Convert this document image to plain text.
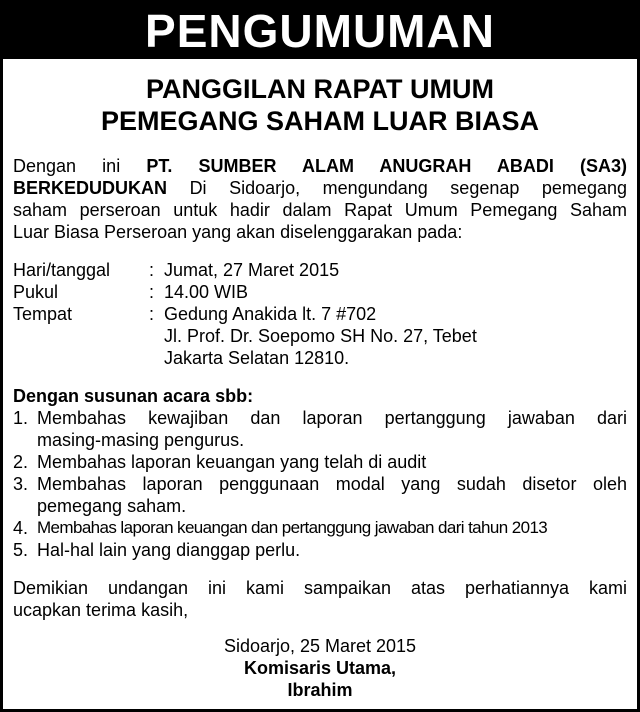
PENGUMUMAN
PANGGILAN RAPAT UMUM
PEMEGANG SAHAM LUAR BIASA
Dengan ini PT. SUMBER ALAM ANUGRAH ABADI (SA3)
BERKEDUDUKAN Di Sidoarjo, mengundang segenap pemegang
saham perseroan untuk hadir dalam Rapat Umum Pemegang Saham
Luar Biasa Perseroan yang akan diselenggarakan pada:
Hari/tanggal : Jumat, 27 Maret 2015
Pukul	: 14.00 WIB
Tempat	: Gedung Anakida lt. 7 #702
Jl. Prof. Dr. Soepomo SH No. 27, Tebet
Jakarta Selatan 12810.
Dengan susunan acara sbb:
1. Membahas kewajiban dan laporan pertanggung jawaban dari
masing-masing pengurus.
2. Membahas laporan keuangan yang telah di audit
3. Membahas laporan penggunaan modal yang sudah disetor oleh
pemegang saham.
4. Membahas laporan keuangan dan pertanggung jawaban dari tahun 2013
5. Hal-hal lain yang dianggap perlu.
Demikian undangan ini kami sampaikan atas perhatiannya kami
ucapkan terima kasih,
Sidoarjo, 25 Maret 2015
Komisaris Utama,
Ibrahim
